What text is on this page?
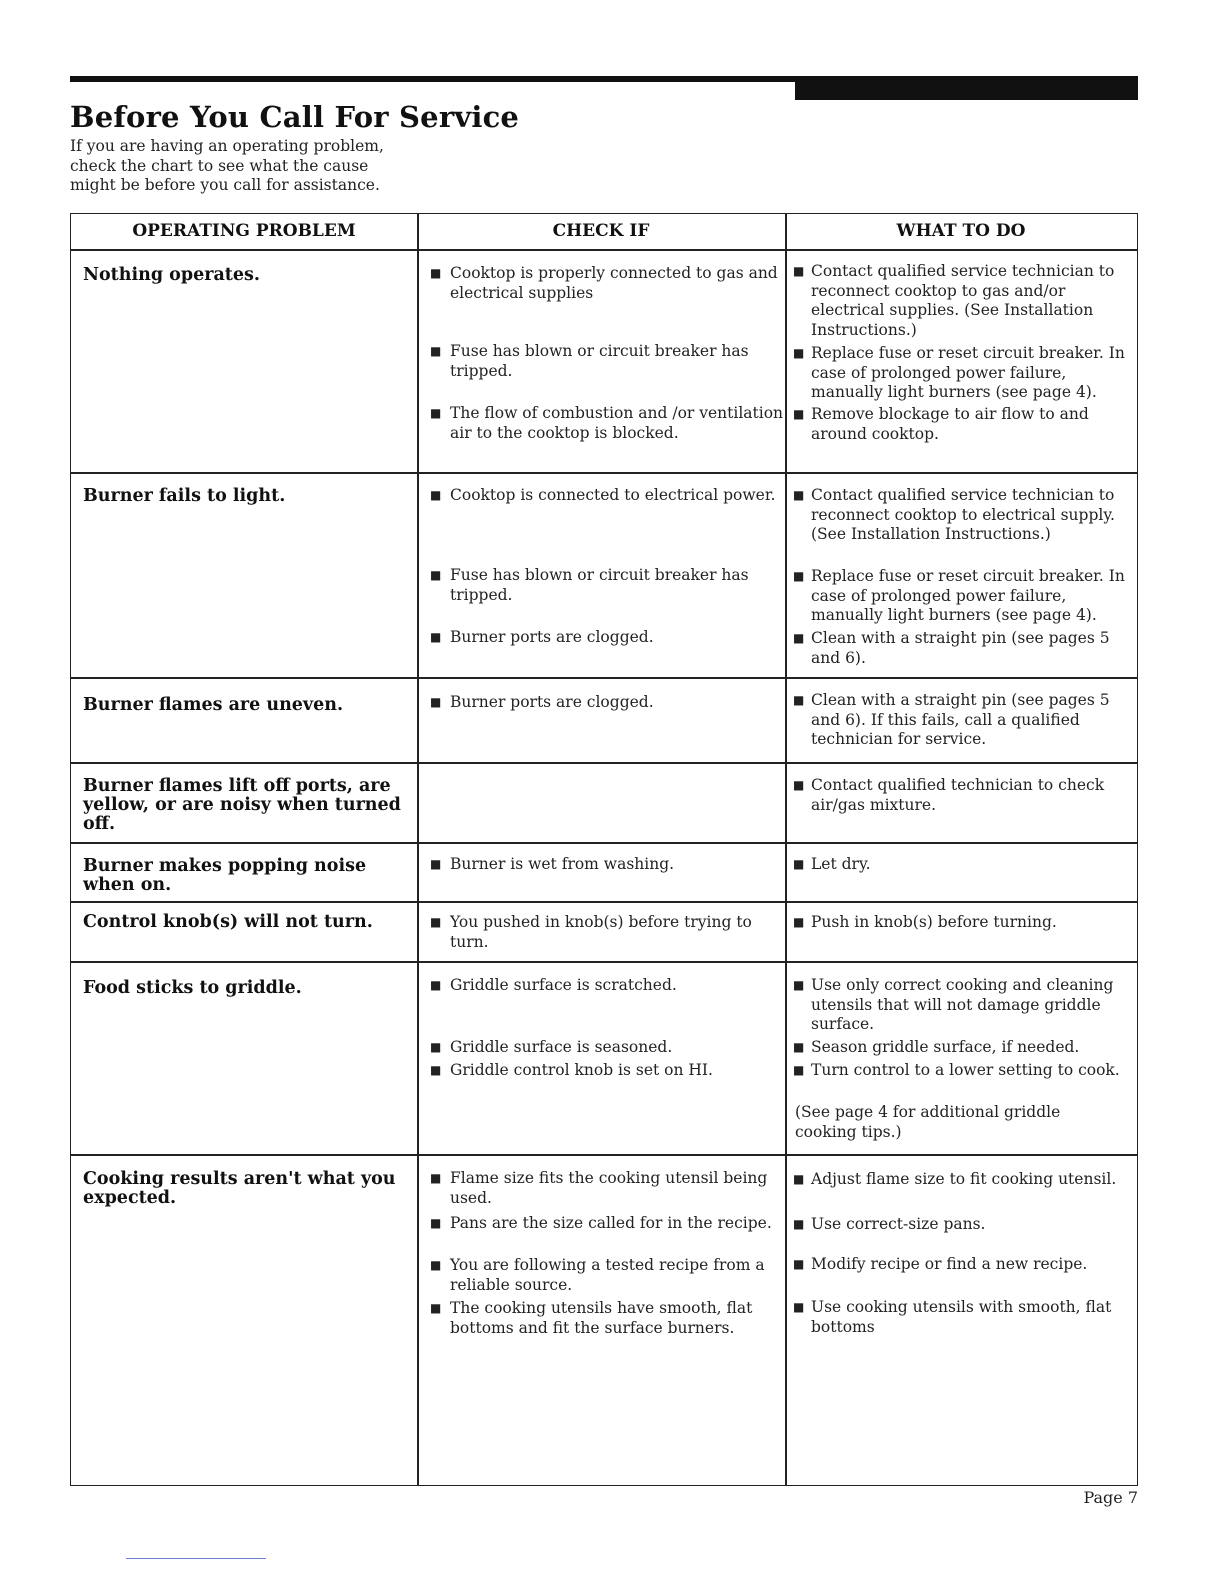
Before You Call For Service

If you are having an operating problem, check the chart to see what the cause might be before you call for assistance.

OPERATING PROBLEM	CHECK IF	WHAT TO DO

Nothing operates.

Burner fails to light.

Burner flames are uneven.

Burner flames lift off ports, are yellow, or are noisy when turned off.

Burner makes popping noise when on.

Control knob(s) will not turn.

Food sticks to griddle.

Cooking results aren't what you expected.

■ Cooktop is properly connected to gas and electrical supplies
■ Fuse has blown or circuit breaker has tripped.
■ The flow of combustion and /or ventilation air to the cooktop is blocked.
■ Cooktop is connected to electrical power.
■ Fuse has blown or circuit breaker has tripped.
■ Burner ports are clogged.
■ Burner ports are clogged.
■ Burner is wet from washing.
■ You pushed in knob(s) before trying to turn.
■ Griddle surface is scratched.
■ Griddle surface is seasoned.
■ Griddle control knob is set on HI.
■ Flame size fits the cooking utensil being used.
■ Pans are the size called for in the recipe.
■ You are following a tested recipe from a reliable source.
■ The cooking utensils have smooth, flat bottoms and fit the surface burners.
■ Contact qualified service technician to reconnect cooktop to gas and/or electrical supplies. (See Installation Instructions.)
■ Replace fuse or reset circuit breaker. In case of prolonged power failure, manually light burners (see page 4).
■ Remove blockage to air flow to and around cooktop.
■ Contact qualified service technician to reconnect cooktop to electrical supply. (See Installation Instructions.)
■ Replace fuse or reset circuit breaker. In case of prolonged power failure, manually light burners (see page 4).
■ Clean with a straight pin (see pages 5 and 6).
■ Clean with a straight pin (see pages 5 and 6). If this fails, call a qualified technician for service.
■ Contact qualified technician to check air/gas mixture.
■ Let dry.
■ Push in knob(s) before turning.
■ Use only correct cooking and cleaning utensils that will not damage griddle surface.
■ Season griddle surface, if needed.
■ Turn control to a lower setting to cook.
(See page 4 for additional griddle cooking tips.)
■ Adjust flame size to fit cooking utensil.
■ Use correct-size pans.
■ Modify recipe or find a new recipe.
■ Use cooking utensils with smooth, flat bottoms
Page 7
